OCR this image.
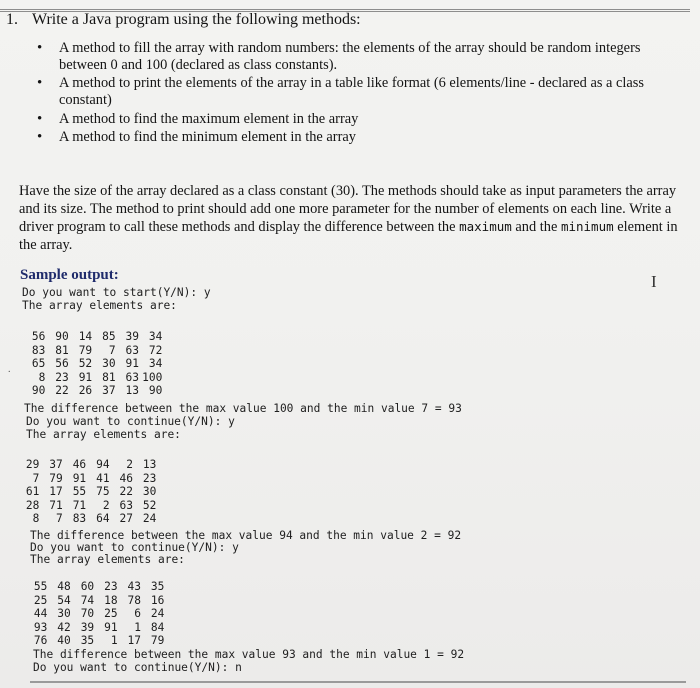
1. Write a Java program using the following methods:
• A method to fill the array with random numbers: the elements of the array should be random integers between 0 and 100 (declared as class constants).
• A method to print the elements of the array in a table like format (6 elements/line - declared as a class constant)
• A method to find the maximum element in the array
• A method to find the minimum element in the array
Have the size of the array declared as a class constant (30). The methods should take as input parameters the array and its size. The method to print should add one more parameter for the number of elements on each line. Write a driver program to call these methods and display the difference between the maximum and the minimum element in the array.
Sample output:	I
Do you want to start(Y/N): y
The array elements are:
56 90 14 85 39 34
83 81 79	7 63 72
65 56 52 30 91 34
8 23 91 81 63 100
90 22 26 37 13 90
.
The difference between the max value 100 and the min value 7 = 93
Do you want to continue(Y/N): y
The array elements are:
29 37 46 94	2 13
7 79 91 41 46 23
61 17 55 75 22 30
28 71 71	2 63 52
8	7 83 64 27 24
The difference between the max value 94 and the min value 2 = 92
Do you want to continue(Y/N): y
The array elements are:
55 48 60 23 43 35
25 54 74 18 78 16
44 30 70 25	6 24
93 42 39 91	1 84
76 40 35	1 17 79
The difference between the max value 93 and the min value 1 = 92
Do you want to continue(Y/N): n
